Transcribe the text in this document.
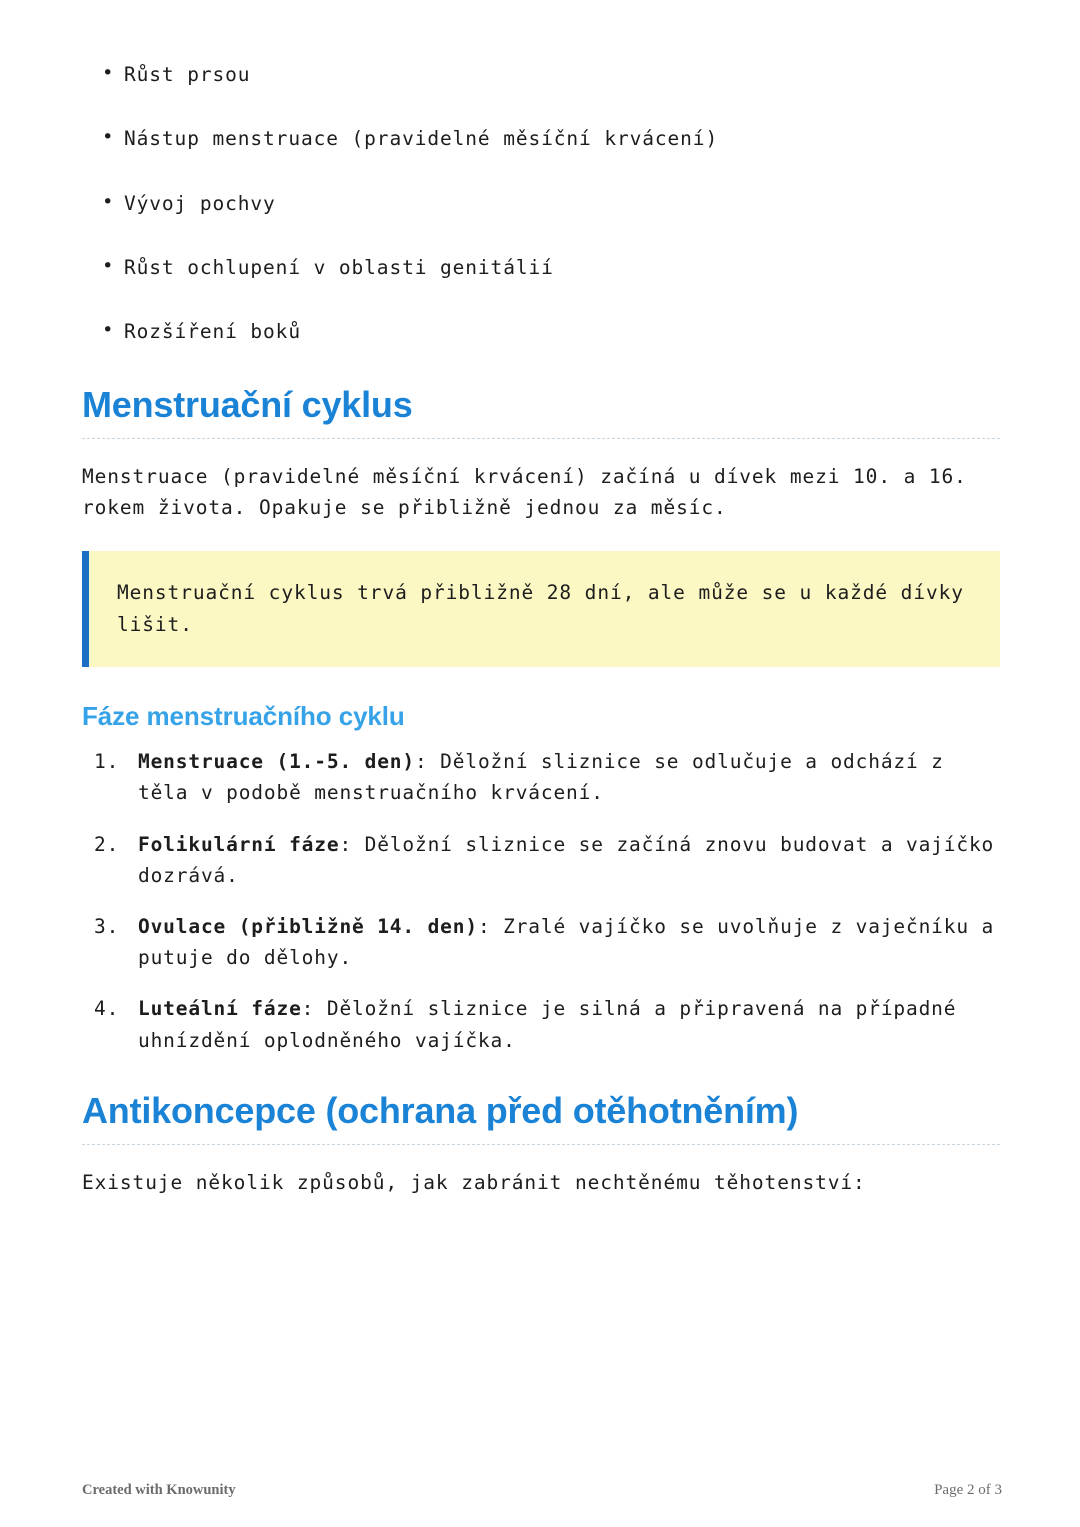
• Růst prsou
• Nástup menstruace (pravidelné měsíční krvácení)
• Vývoj pochvy
• Růst ochlupení v oblasti genitálií
• Rozšíření boků
Menstruační cyklus

Menstruace (pravidelné měsíční krvácení) začíná u dívek mezi 10. a 16. rokem života. Opakuje se přibližně jednou za měsíc.

Menstruační cyklus trvá přibližně 28 dní, ale může se u každé dívky lišit.

Fáze menstruačního cyklu
Menstruace (1.-5. den): Děložní sliznice se odlučuje a odchází z těla v podobě menstruačního krvácení.
Folikulární fáze: Děložní sliznice se začíná znovu budovat a vajíčko dozrává.
Ovulace (přibližně 14. den): Zralé vajíčko se uvolňuje z vaječníku a putuje do dělohy.
Luteální fáze: Děložní sliznice je silná a připravená na případné uhnízdění oplodněného vajíčka.
Antikoncepce (ochrana před otěhotněním)

Existuje několik způsobů, jak zabránit nechtěnému těhotenství:

Created with Knowunity	Page 2 of 3
